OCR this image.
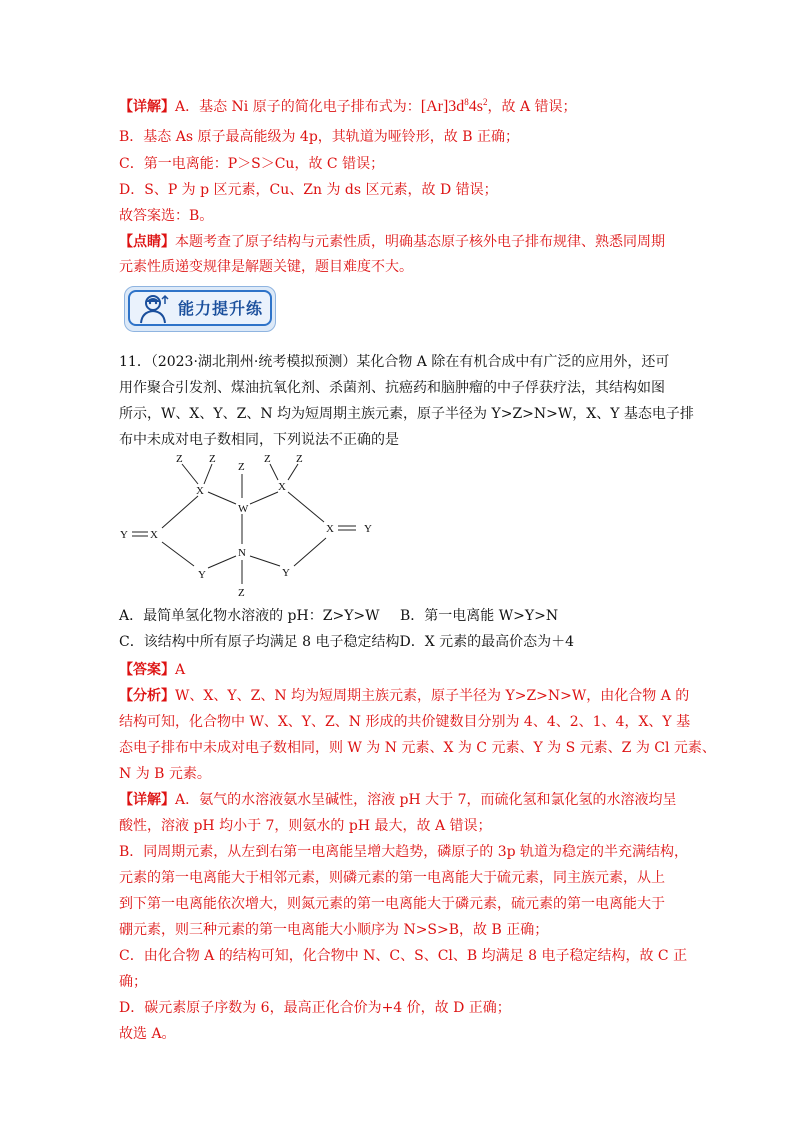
【详解】A．基态 Ni 原子的简化电子排布式为：$[Ar]3d^84s^2$，故 A 错误；
B．基态 As 原子最高能级为 4p，其轨道为哑铃形，故 B 正确；
C．第一电离能：P＞S＞Cu，故 C 错误；
D．S、P 为 p 区元素，Cu、Zn 为 ds 区元素，故 D 错误；
故答案选：B。
【点睛】本题考查了原子结构与元素性质，明确基态原子核外电子排布规律、熟悉同周期
元素性质递变规律是解题关键，题目难度不大。
能力提升练
11．（2023·湖北荆州·统考模拟预测）某化合物 A 除在有机合成中有广泛的应用外，还可
用作聚合引发剂、煤油抗氧化剂、杀菌剂、抗癌药和脑肿瘤的中子俘获疗法，其结构如图
所示，W、X、Y、Z、N 均为短周期主族元素，原子半径为 Y>Z>N>W，X、Y 基态电子排
布中未成对电子数相同，下列说法不正确的是
Z Z
Z
Z Z
X	X
W
Y X	X	Y
N
Y	Y
Z
A．最简单氢化物水溶液的 pH：Z>Y>W B．第一电离能 W>Y>N
C．该结构中所有原子均满足 8 电子稳定结构D．X 元素的最高价态为＋4
【答案】A
【分析】W、X、Y、Z、N 均为短周期主族元素，原子半径为 Y>Z>N>W，由化合物 A 的
结构可知，化合物中 W、X、Y、Z、N 形成的共价键数目分别为 4、4、2、1、4，X、Y 基
态电子排布中未成对电子数相同，则 W 为 N 元素、X 为 C 元素、Y 为 S 元素、Z 为 Cl 元素、
N 为 B 元素。
【详解】A．氨气的水溶液氨水呈碱性，溶液 pH 大于 7，而硫化氢和氯化氢的水溶液均呈
酸性，溶液 pH 均小于 7，则氨水的 pH 最大，故 A 错误；
B．同周期元素，从左到右第一电离能呈增大趋势，磷原子的 3p 轨道为稳定的半充满结构，
元素的第一电离能大于相邻元素，则磷元素的第一电离能大于硫元素，同主族元素，从上
到下第一电离能依次增大，则氮元素的第一电离能大于磷元素，硫元素的第一电离能大于
硼元素，则三种元素的第一电离能大小顺序为 N>S>B，故 B 正确；
C．由化合物 A 的结构可知，化合物中 N、C、S、Cl、B 均满足 8 电子稳定结构，故 C 正
确；
D．碳元素原子序数为 6，最高正化合价为+4 价，故 D 正确；
故选 A。
